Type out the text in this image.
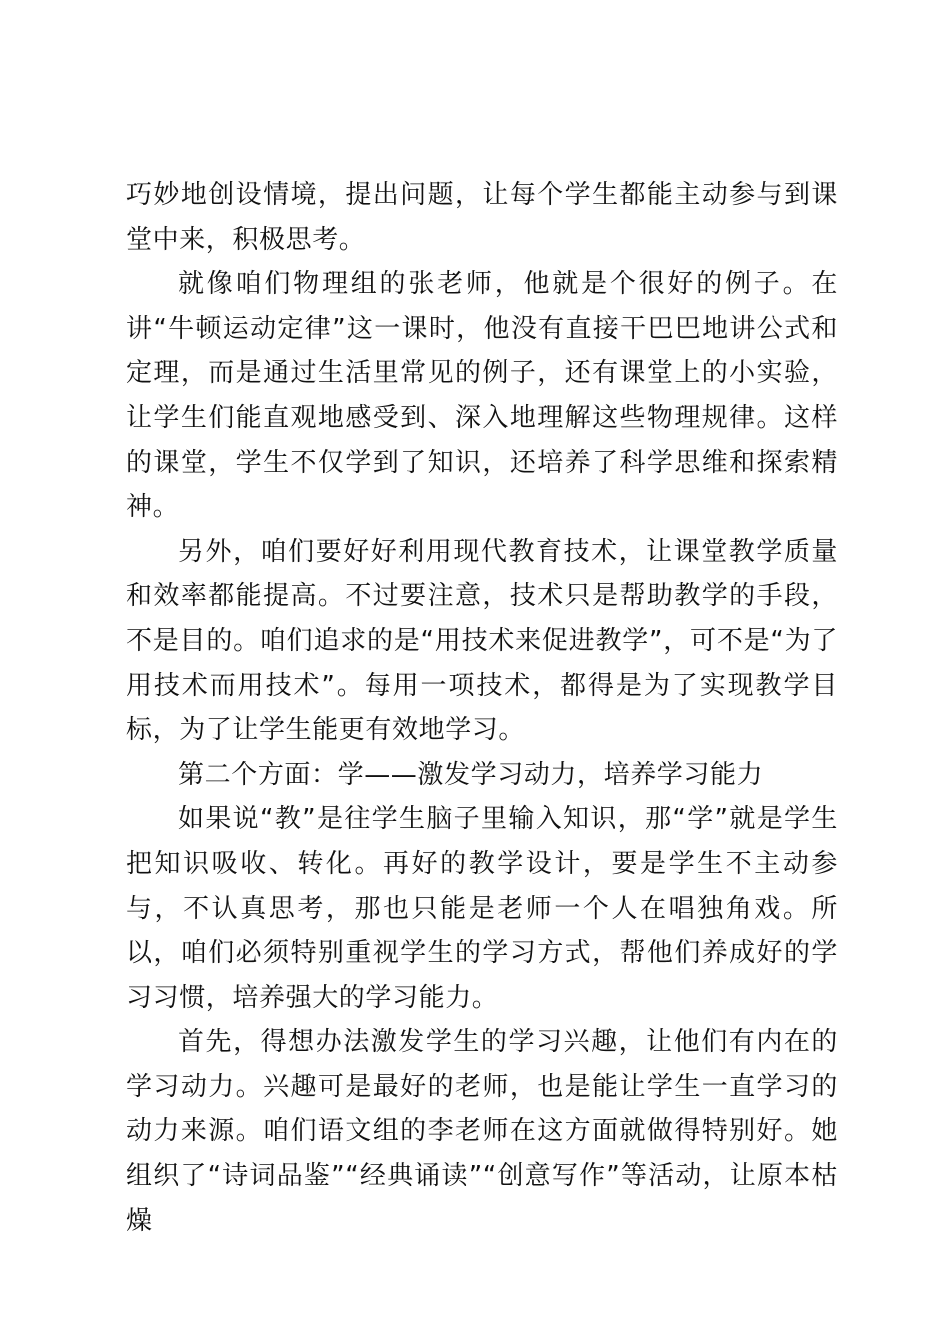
巧妙地创设情境，提出问题，让每个学生都能主动参与到课堂中来，积极思考。

就像咱们物理组的张老师，他就是个很好的例子。在讲“牛顿运动定律”这一课时，他没有直接干巴巴地讲公式和定理，而是通过生活里常见的例子，还有课堂上的小实验，让学生们能直观地感受到、深入地理解这些物理规律。这样的课堂，学生不仅学到了知识，还培养了科学思维和探索精神。

另外，咱们要好好利用现代教育技术，让课堂教学质量和效率都能提高。不过要注意，技术只是帮助教学的手段，不是目的。咱们追求的是“用技术来促进教学”，可不是“为了用技术而用技术”。每用一项技术，都得是为了实现教学目标，为了让学生能更有效地学习。

第二个方面：学——激发学习动力，培养学习能力

如果说“教”是往学生脑子里输入知识，那“学”就是学生把知识吸收、转化。再好的教学设计，要是学生不主动参与，不认真思考，那也只能是老师一个人在唱独角戏。所以，咱们必须特别重视学生的学习方式，帮他们养成好的学习习惯，培养强大的学习能力。

首先，得想办法激发学生的学习兴趣，让他们有内在的学习动力。兴趣可是最好的老师，也是能让学生一直学习的动力来源。咱们语文组的李老师在这方面就做得特别好。她组织了“诗词品鉴”“经典诵读”“创意写作”等活动，让原本枯燥
